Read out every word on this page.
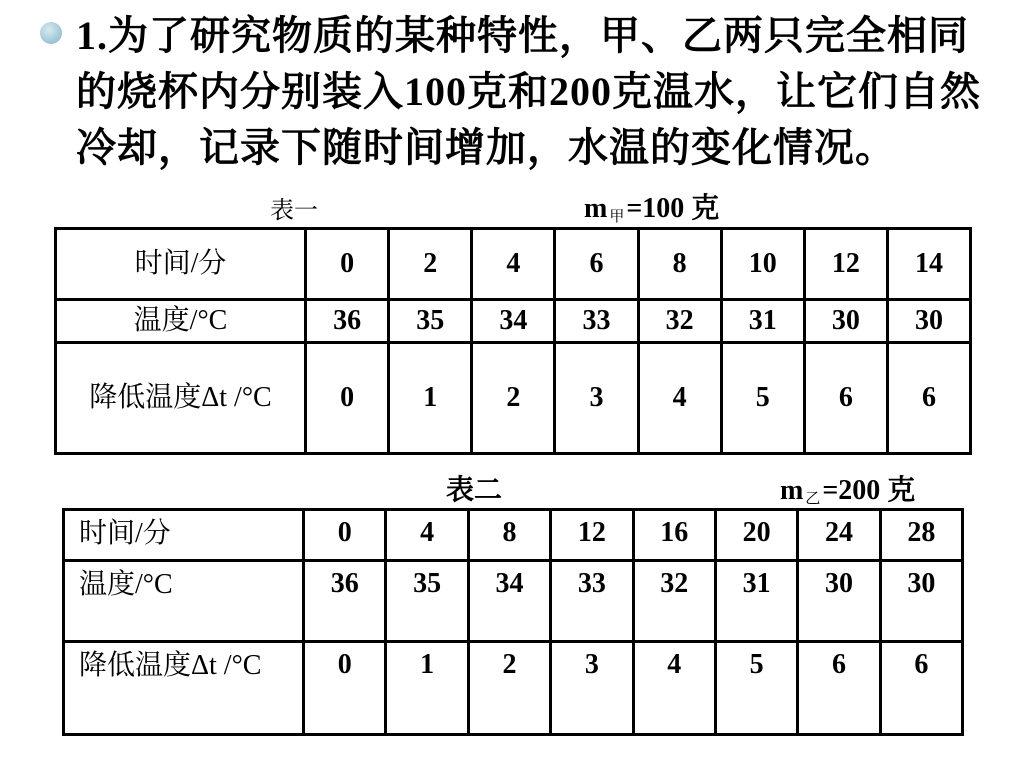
1.为了研究物质的某种特性，甲、乙两只完全相同的烧杯内分别装入100克和200克温水，让它们自然冷却，记录下随时间增加，水温的变化情况。
表一	m $_甲$=100 克
时间/分	0	2	4	6	8	10	12	14
温度/°C	36	35	34	33	32	31	30	30
降低温度Δt /°C	0	1	2	3	4	5	6	6
表二	m $_乙$=200 克
时间/分	0	4	8	12	16	20	24	28
温度/°C	36	35	34	33	32	31	30	30
降低温度Δt /°C	0	1	2	3	4	5	6	6
